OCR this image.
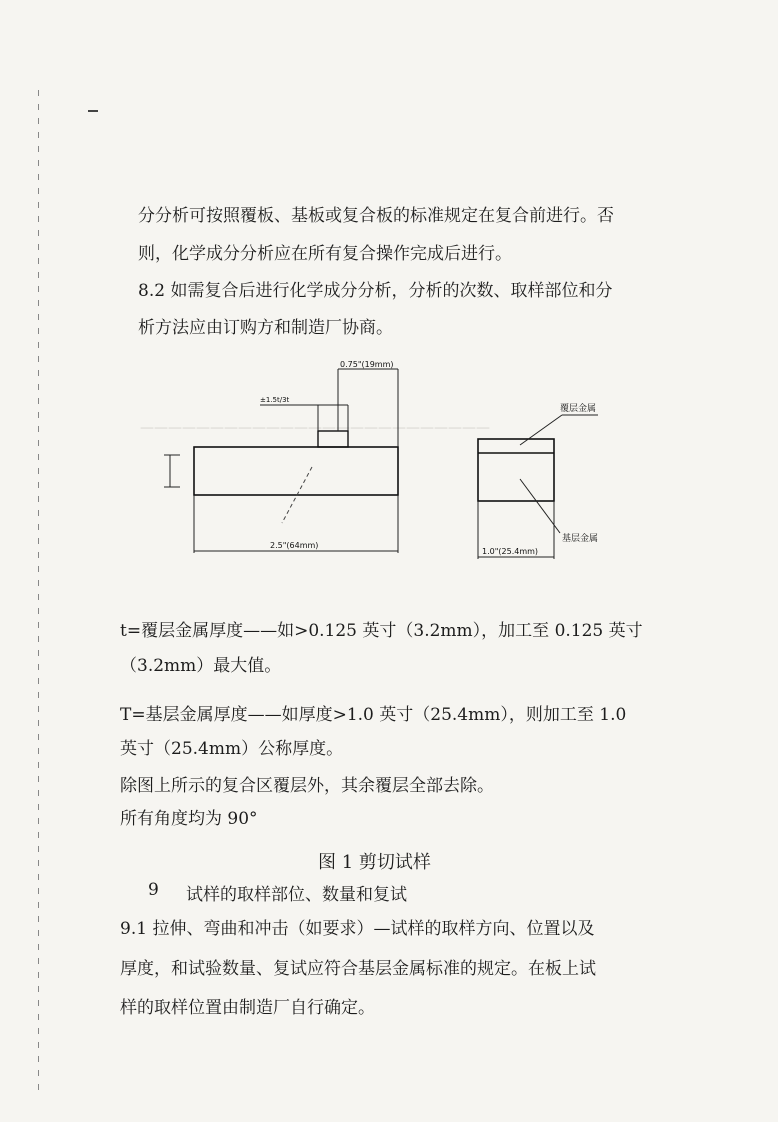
—————————————————————————
分分析可按照覆板、基板或复合板的标准规定在复合前进行。否
则，化学成分分析应在所有复合操作完成后进行。
8.2 如需复合后进行化学成分分析，分析的次数、取样部位和分
析方法应由订购方和制造厂协商。
0.75"(19mm)
±1.5t/3t
2.5"(64mm)
覆层金属
基层金属
1.0"(25.4mm)
t=覆层金属厚度——如>0.125 英寸（3.2mm），加工至 0.125 英寸
（3.2mm）最大值。
T=基层金属厚度——如厚度>1.0 英寸（25.4mm），则加工至 1.0
英寸（25.4mm）公称厚度。
除图上所示的复合区覆层外，其余覆层全部去除。
所有角度均为 90°
图 1 剪切试样
9 试样的取样部位、数量和复试
9.1 拉伸、弯曲和冲击（如要求）—试样的取样方向、位置以及
厚度，和试验数量、复试应符合基层金属标准的规定。在板上试
样的取样位置由制造厂自行确定。
